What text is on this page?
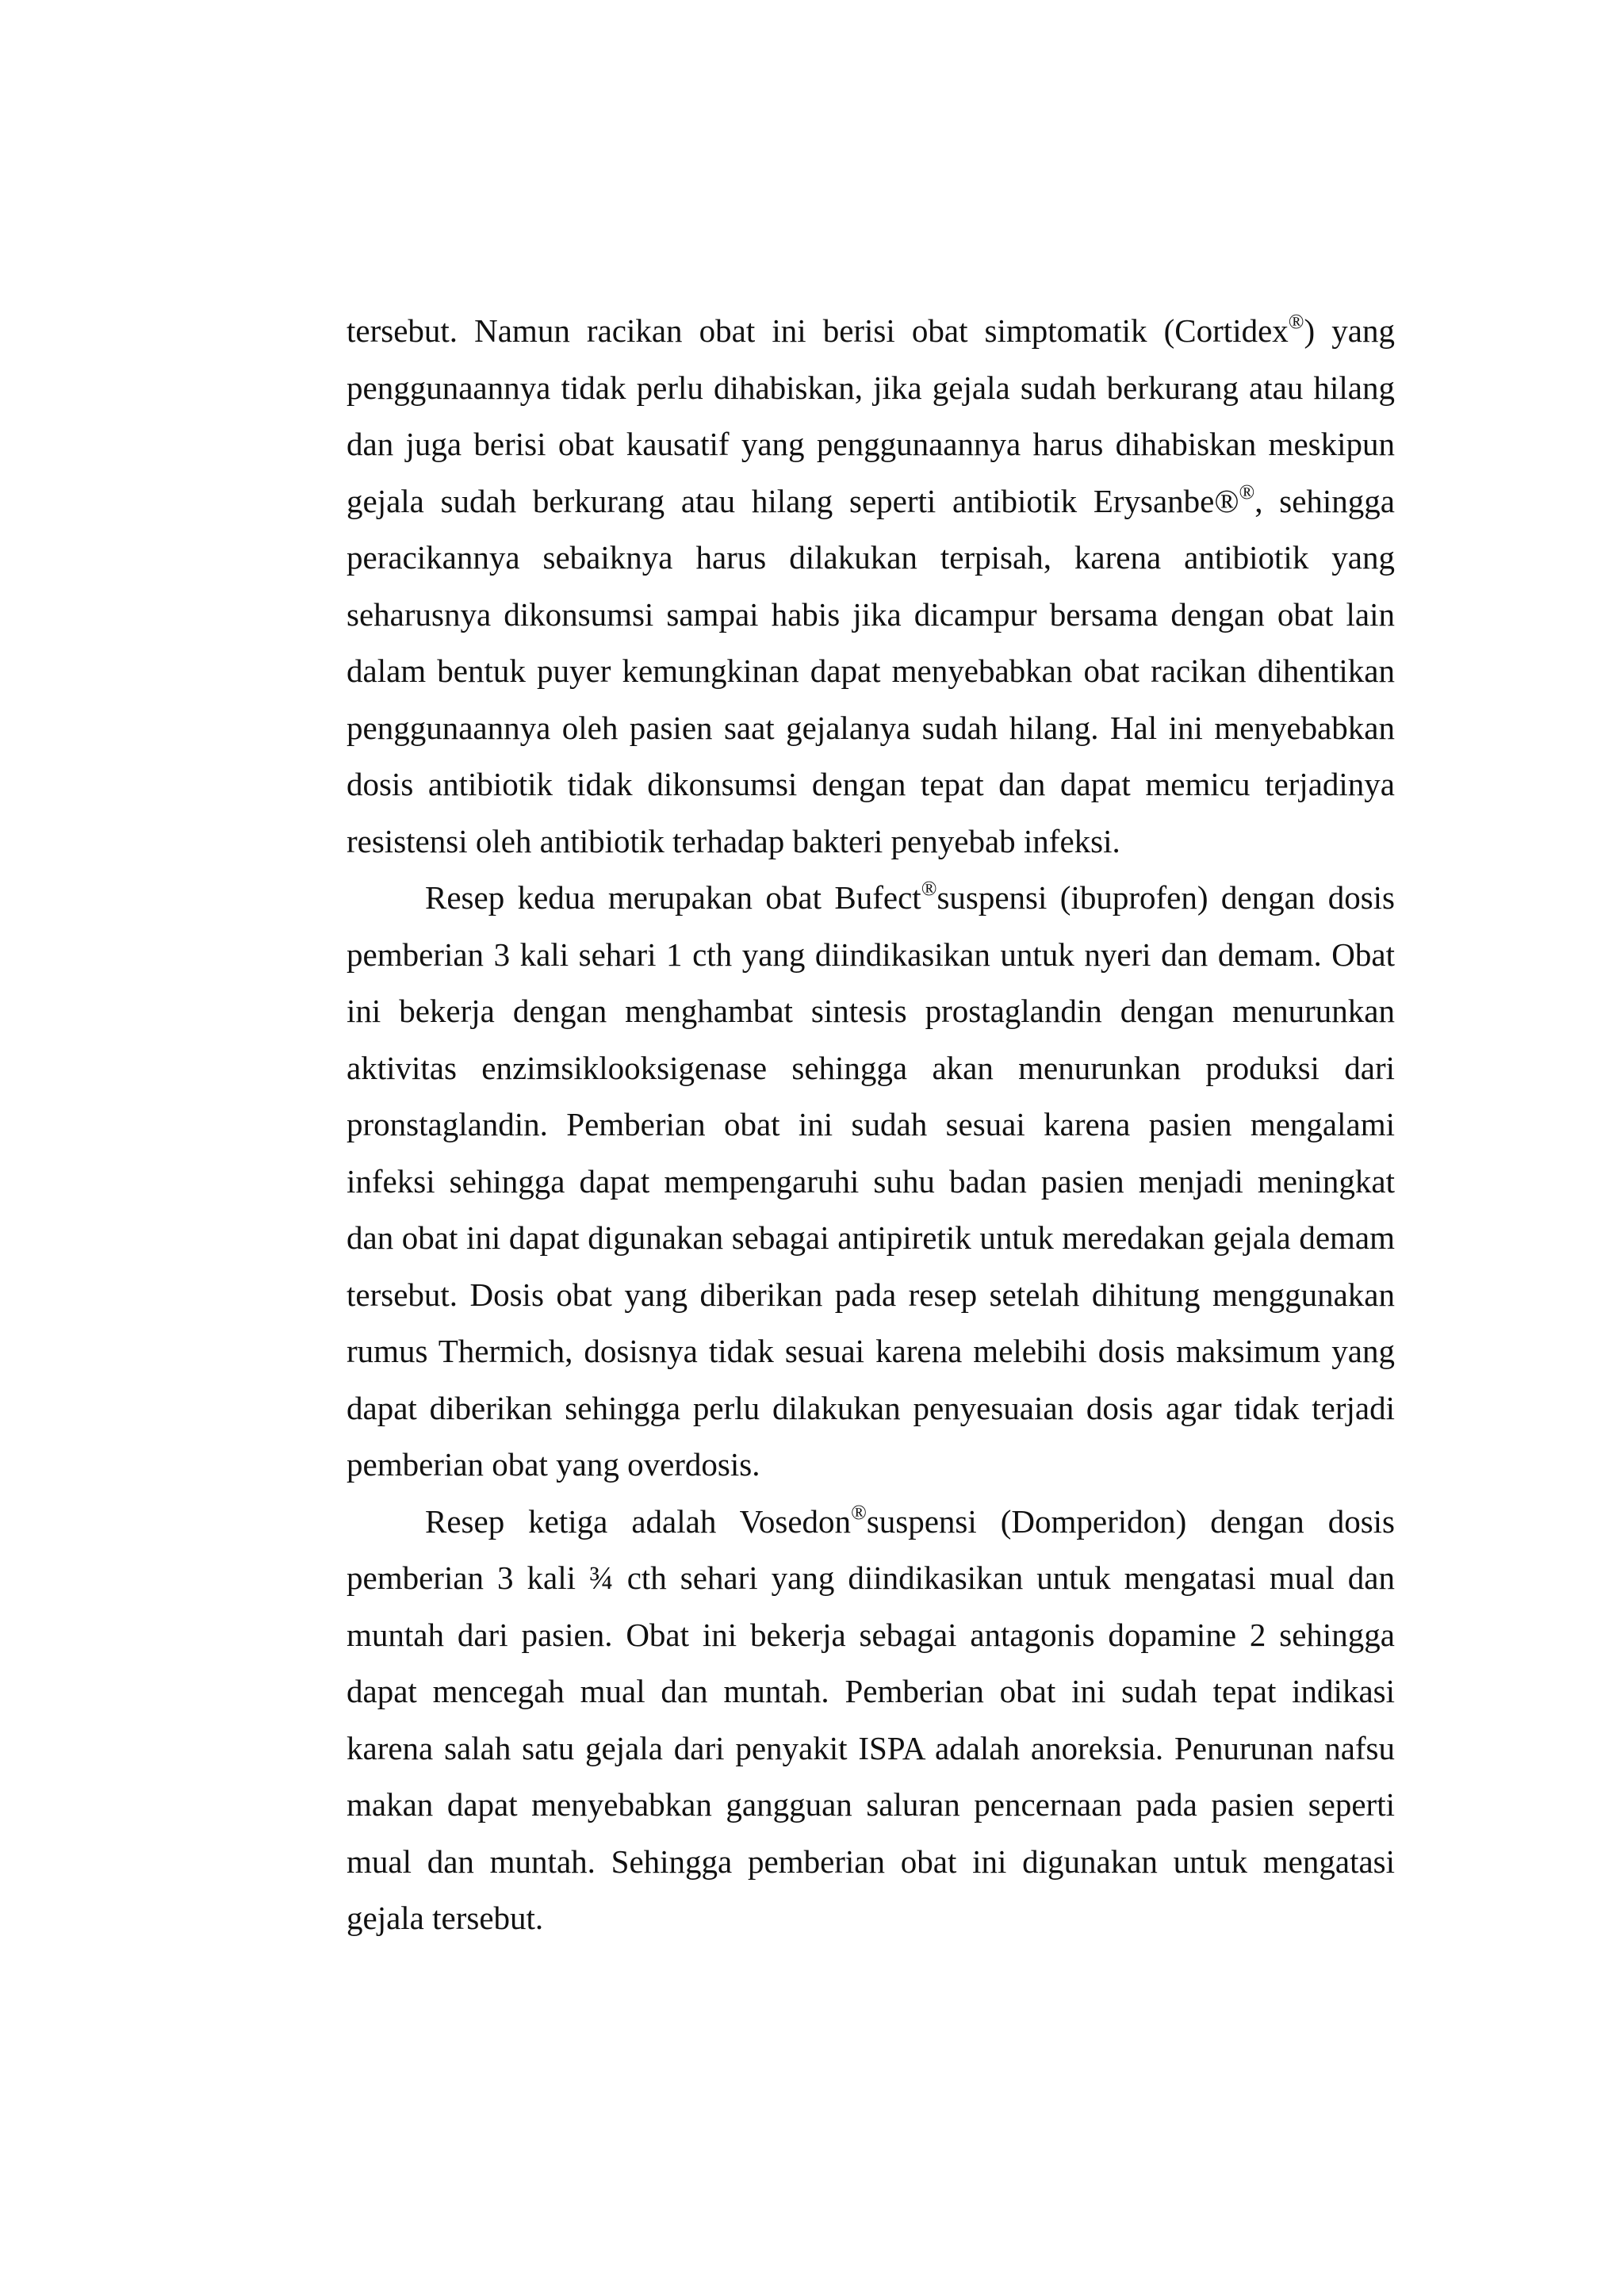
tersebut. Namun racikan obat ini berisi obat simptomatik (Cortidex®) yang penggunaannya tidak perlu dihabiskan, jika gejala sudah berkurang atau hilang dan juga berisi obat kausatif yang penggunaannya harus dihabiskan meskipun gejala sudah berkurang atau hilang seperti antibiotik Erysanbe®®, sehingga peracikannya sebaiknya harus dilakukan terpisah, karena antibiotik yang seharusnya dikonsumsi sampai habis jika dicampur bersama dengan obat lain dalam bentuk puyer kemungkinan dapat menyebabkan obat racikan dihentikan penggunaannya oleh pasien saat gejalanya sudah hilang. Hal ini menyebabkan dosis antibiotik tidak dikonsumsi dengan tepat dan dapat memicu terjadinya resistensi oleh antibiotik terhadap bakteri penyebab infeksi.

Resep kedua merupakan obat Bufect®suspensi (ibuprofen) dengan dosis pemberian 3 kali sehari 1 cth yang diindikasikan untuk nyeri dan demam. Obat ini bekerja dengan menghambat sintesis prostaglandin dengan menurunkan aktivitas enzimsiklooksigenase sehingga akan menurunkan produksi dari pronstaglandin. Pemberian obat ini sudah sesuai karena pasien mengalami infeksi sehingga dapat mempengaruhi suhu badan pasien menjadi meningkat dan obat ini dapat digunakan sebagai antipiretik untuk meredakan gejala demam tersebut. Dosis obat yang diberikan pada resep setelah dihitung menggunakan rumus Thermich, dosisnya tidak sesuai karena melebihi dosis maksimum yang dapat diberikan sehingga perlu dilakukan penyesuaian dosis agar tidak terjadi pemberian obat yang overdosis.

Resep ketiga adalah Vosedon®suspensi (Domperidon) dengan dosis pemberian 3 kali ¾ cth sehari yang diindikasikan untuk mengatasi mual dan muntah dari pasien. Obat ini bekerja sebagai antagonis dopamine 2 sehingga dapat mencegah mual dan muntah. Pemberian obat ini sudah tepat indikasi karena salah satu gejala dari penyakit ISPA adalah anoreksia. Penurunan nafsu makan dapat menyebabkan gangguan saluran pencernaan pada pasien seperti mual dan muntah. Sehingga pemberian obat ini digunakan untuk mengatasi gejala tersebut.
